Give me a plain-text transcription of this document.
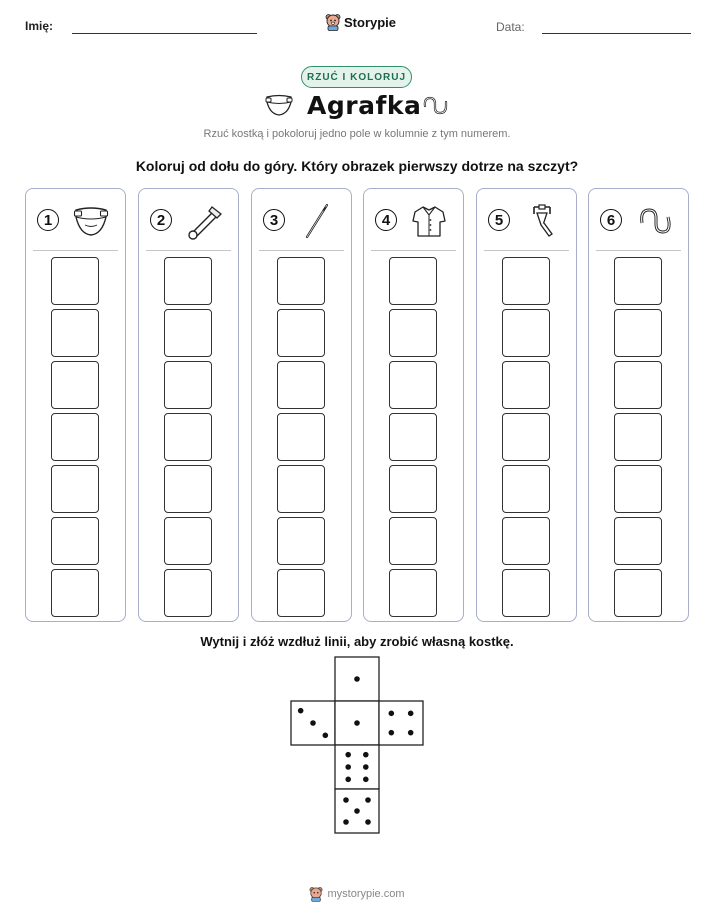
Imię:	Storypie	Data:
RZUĆ I KOLORUJ
Agrafka
Rzuć kostką i pokoloruj jedno pole w kolumnie z tym numerem.
Koloruj od dołu do góry. Który obrazek pierwszy dotrze na szczyt?
1	2	3	4	5	6
Wytnij i złóż wzdłuż linii, aby zrobić własną kostkę.
mystorypie.com
